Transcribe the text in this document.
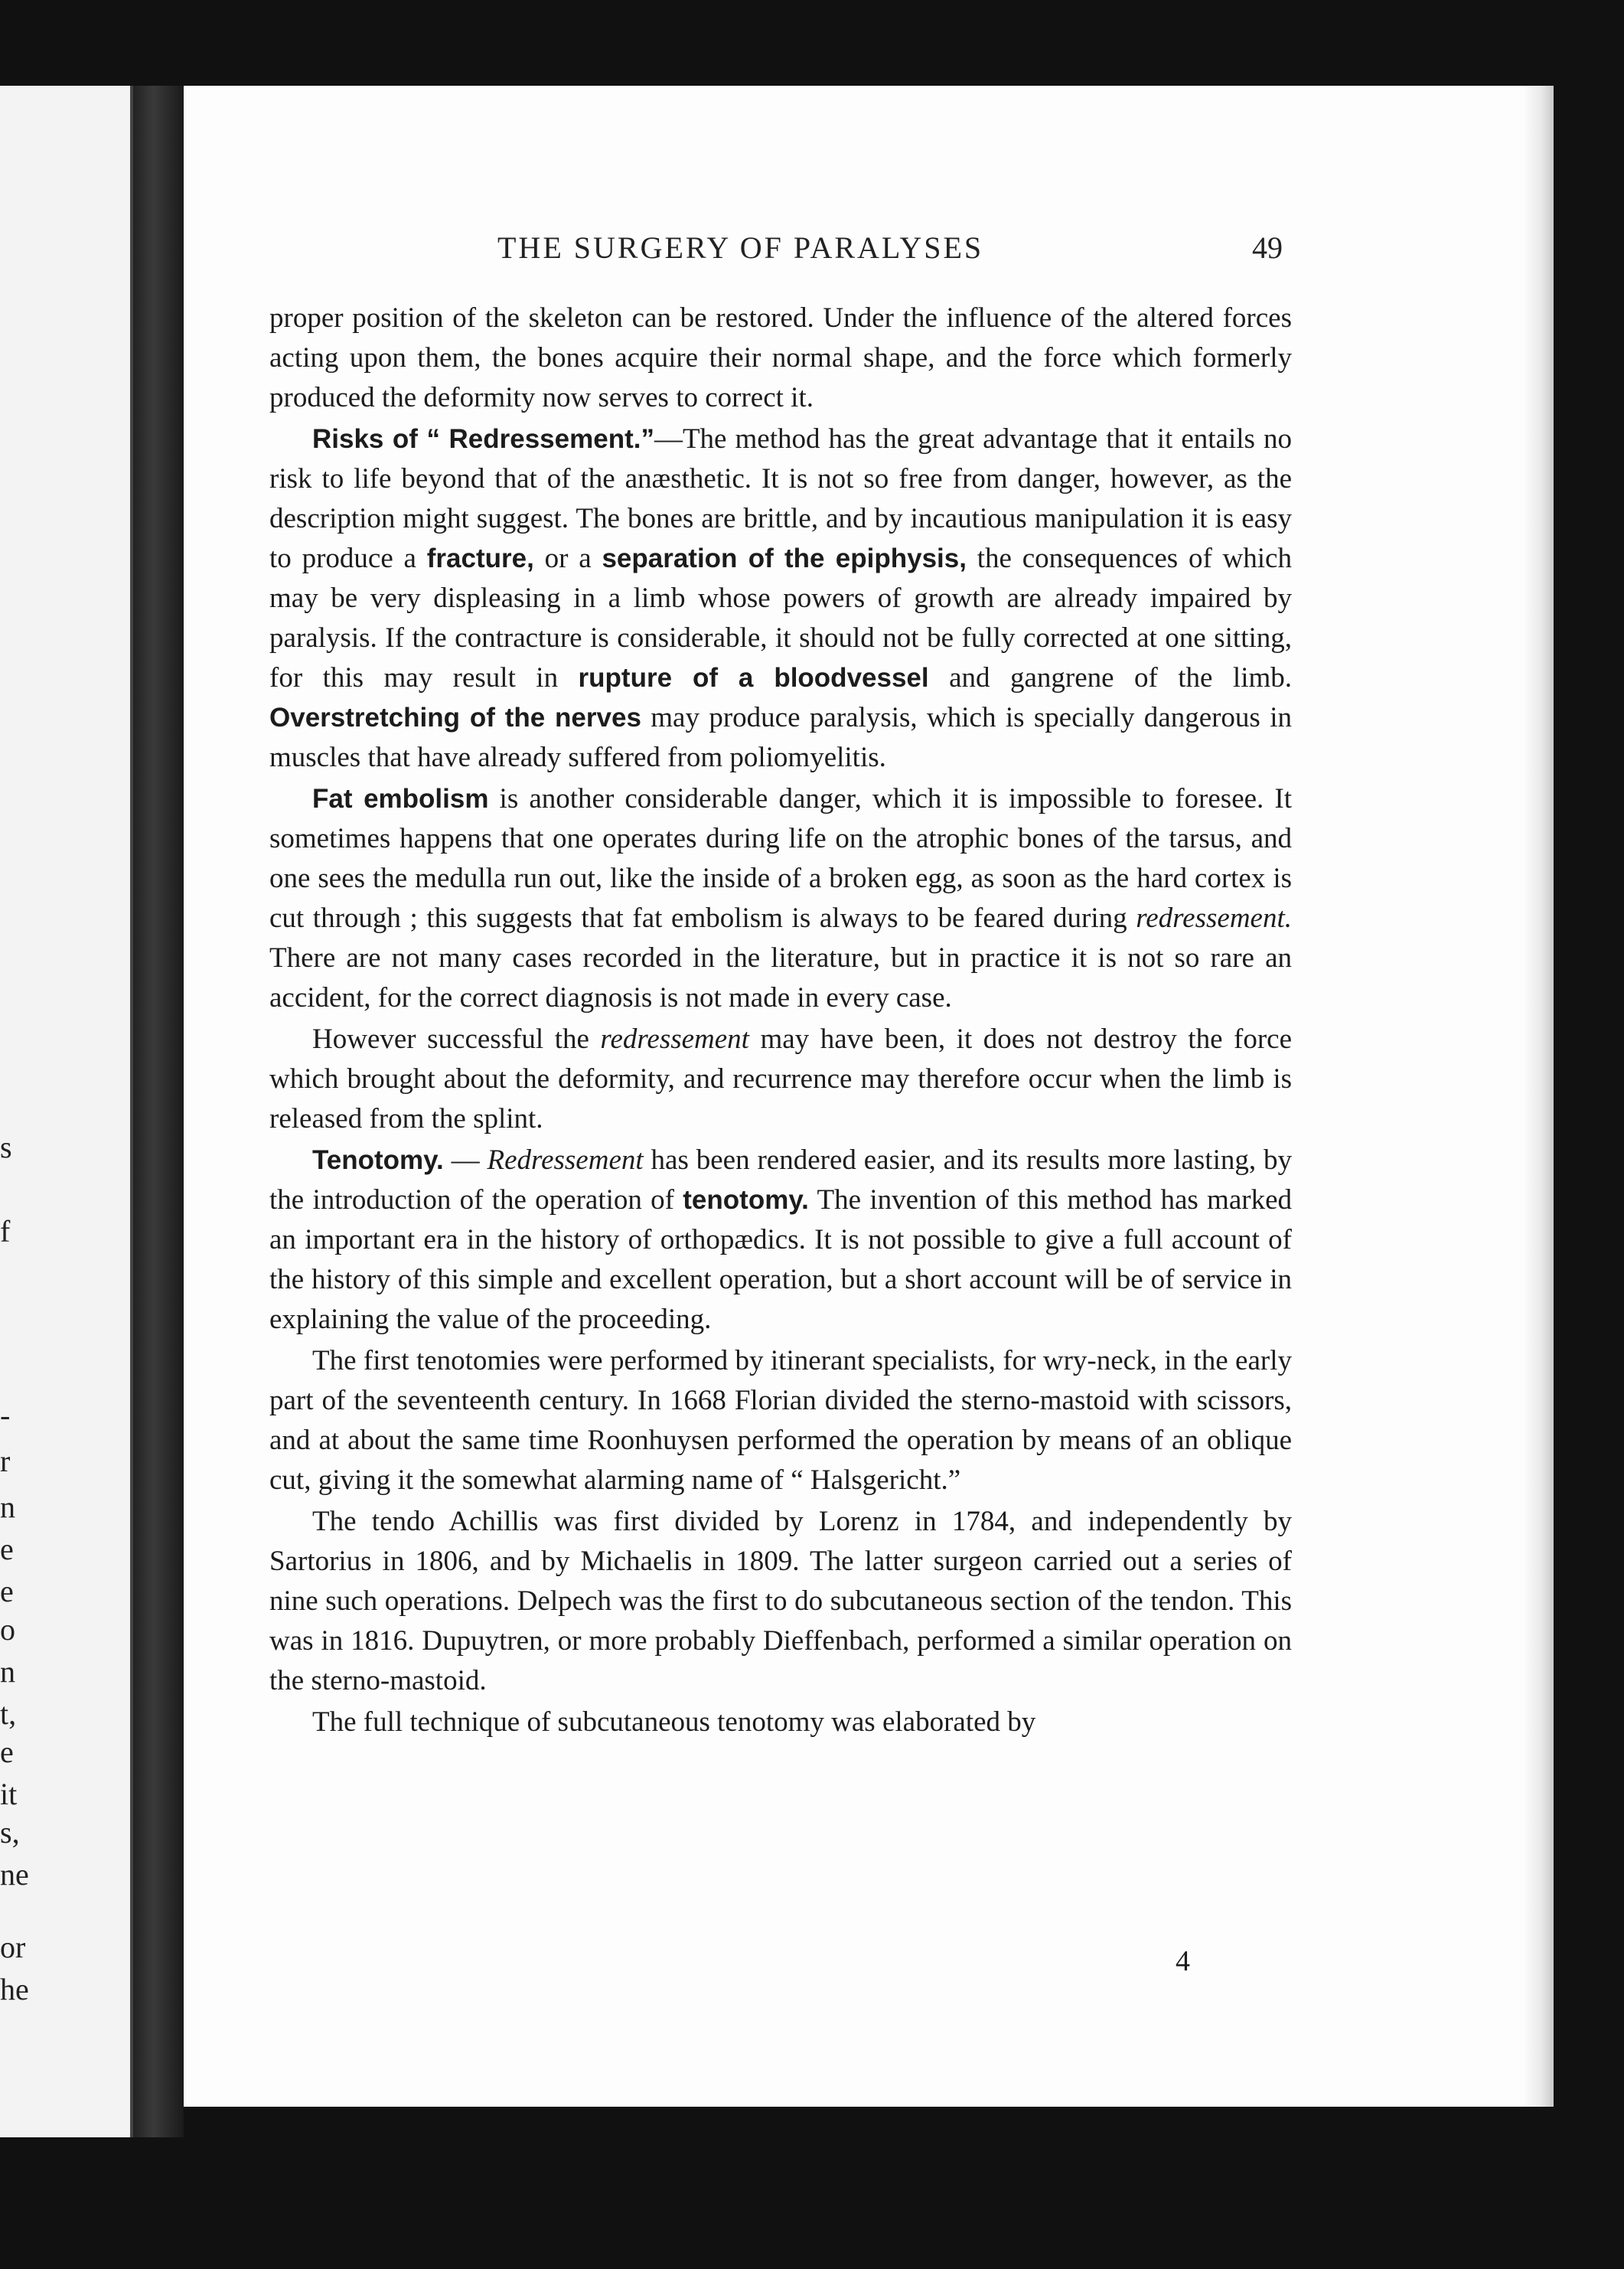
s
f
-
r
n
e
e
o
n
t,
e
it
s,
ne
or
he
THE SURGERY OF PARALYSES	49

proper position of the skeleton can be restored. Under the influence of the altered forces acting upon them, the bones acquire their normal shape, and the force which formerly produced the deformity now serves to correct it.

Risks of “ Redressement.”—The method has the great advantage that it entails no risk to life beyond that of the anæsthetic. It is not so free from danger, however, as the description might suggest. The bones are brittle, and by incautious manipulation it is easy to produce a fracture, or a separation of the epiphysis, the consequences of which may be very displeasing in a limb whose powers of growth are already impaired by paralysis. If the contracture is considerable, it should not be fully corrected at one sitting, for this may result in rupture of a bloodvessel and gangrene of the limb. Overstretching of the nerves may produce paralysis, which is specially dangerous in muscles that have already suffered from poliomyelitis.

Fat embolism is another considerable danger, which it is impossible to foresee. It sometimes happens that one operates during life on the atrophic bones of the tarsus, and one sees the medulla run out, like the inside of a broken egg, as soon as the hard cortex is cut through ; this suggests that fat embolism is always to be feared during redressement. There are not many cases recorded in the literature, but in practice it is not so rare an accident, for the correct diagnosis is not made in every case.

However successful the redressement may have been, it does not destroy the force which brought about the deformity, and recurrence may therefore occur when the limb is released from the splint.

Tenotomy. — Redressement has been rendered easier, and its results more lasting, by the introduction of the operation of tenotomy. The invention of this method has marked an important era in the history of orthopædics. It is not possible to give a full account of the history of this simple and excellent operation, but a short account will be of service in explaining the value of the proceeding.

The first tenotomies were performed by itinerant specialists, for wry-neck, in the early part of the seventeenth century. In 1668 Florian divided the sterno-mastoid with scissors, and at about the same time Roonhuysen performed the operation by means of an oblique cut, giving it the somewhat alarming name of “ Halsgericht.”

The tendo Achillis was first divided by Lorenz in 1784, and independently by Sartorius in 1806, and by Michaelis in 1809. The latter surgeon carried out a series of nine such operations. Delpech was the first to do subcutaneous section of the tendon. This was in 1816. Dupuytren, or more probably Dieffenbach, performed a similar operation on the sterno-mastoid.

The full technique of subcutaneous tenotomy was elaborated by

4
